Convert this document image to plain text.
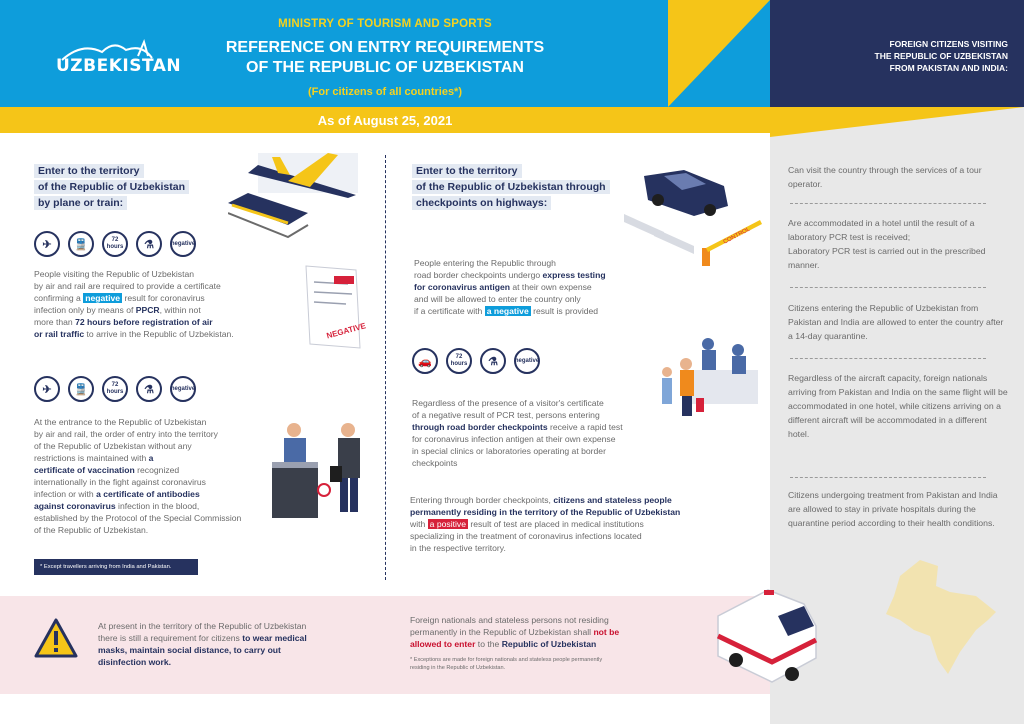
As of August 25, 2021
UZBEKISTAN
MINISTRY OF TOURISM AND SPORTS
REFERENCE ON ENTRY REQUIREMENTS
OF THE REPUBLIC OF UZBEKISTAN
(For citizens of all countries*)
FOREIGN CITIZENS VISITING
THE REPUBLIC OF UZBEKISTAN
FROM PAKISTAN AND INDIA:
Enter to the territory
of the Republic of Uzbekistan
by plane or train:
✈	🚆	72 hours	⚗	negative
People visiting the Republic of Uzbekistan
by air and rail are required to provide a certificate
confirming a negative result for coronavirus
infection only by means of PPCR, within not
more than 72 hours before registration of air
or rail traffic to arrive in the Republic of Uzbekistan.	NEGATIVE
✈	🚆	72 hours	⚗	negative
At the entrance to the Republic of Uzbekistan
by air and rail, the order of entry into the territory
of the Republic of Uzbekistan without any
restrictions is maintained with a
certificate of vaccination recognized
internationally in the fight against coronavirus
infection or with a certificate of antibodies
against coronavirus infection in the blood,
established by the Protocol of the Special Commission
of the Republic of Uzbekistan.
* Except travellers arriving from India and Pakistan.
Enter to the territory
of the Republic of Uzbekistan through
checkpoints on highways:
CONTROL
People entering the Republic through
road border checkpoints undergo express testing
for coronavirus antigen at their own expense
and will be allowed to enter the country only
if a certificate with a negative result is provided
🚗	72 hours	⚗	negative
Regardless of the presence of a visitor's certificate
of a negative result of PCR test, persons entering
through road border checkpoints receive a rapid test
for coronavirus infection antigen at their own expense
in special clinics or laboratories operating at border
checkpoints
Entering through border checkpoints, citizens and stateless people
permanently residing in the territory of the Republic of Uzbekistan
with a positive result of test are placed in medical institutions
specializing in the treatment of coronavirus infections located
in the respective territory.
Can visit the country through the services of a tour operator.
Are accommodated in a hotel until the result of a laboratory PCR test is received;
Laboratory PCR test is carried out in the prescribed manner.
Citizens entering the Republic of Uzbekistan from Pakistan and India are allowed to enter the country after a 14-day quarantine.
Regardless of the aircraft capacity, foreign nationals arriving from Pakistan and India on the same flight will be accommodated in one hotel, while citizens arriving on a different aircraft will be accommodated in a different hotel.
Citizens undergoing treatment from Pakistan and India are allowed to stay in private hospitals during the quarantine period according to their health conditions.
At present in the territory of the Republic of Uzbekistan
there is still a requirement for citizens to wear medical
masks, maintain social distance, to carry out
disinfection work.
Foreign nationals and stateless persons not residing
permanently in the Republic of Uzbekistan shall not be
allowed to enter to the Republic of Uzbekistan
* Exceptions are made for foreign nationals and stateless people permanently
residing in the Republic of Uzbekistan.
